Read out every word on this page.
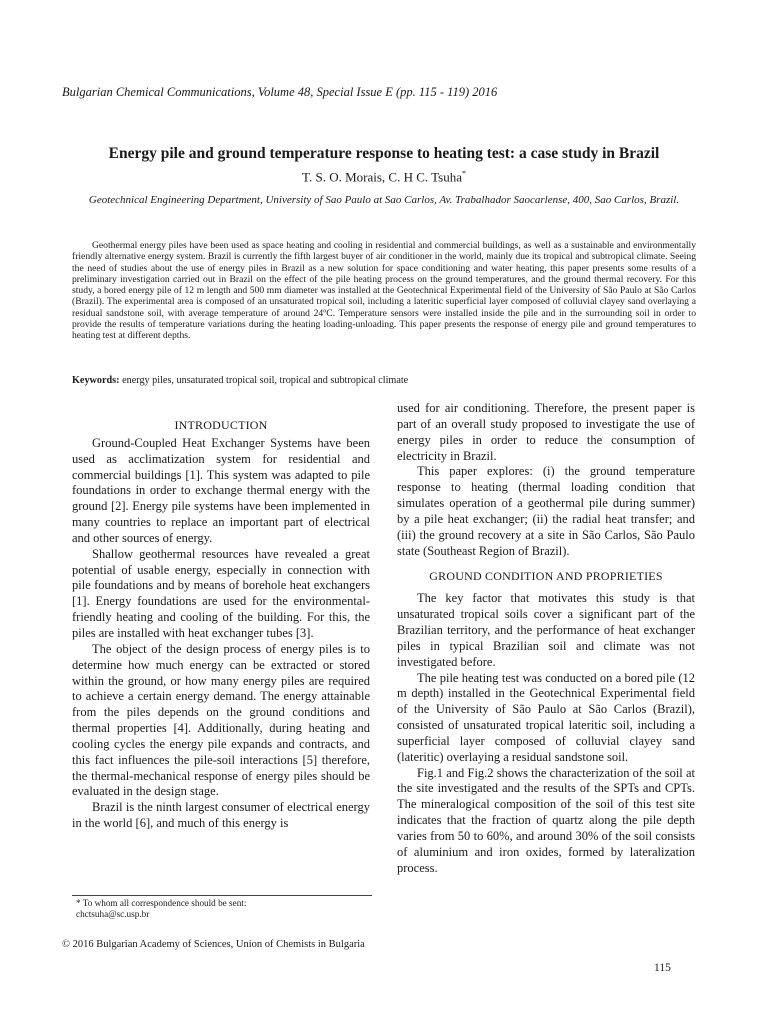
Bulgarian Chemical Communications, Volume 48, Special Issue E (pp. 115 - 119) 2016
Energy pile and ground temperature response to heating test: a case study in Brazil
T. S. O. Morais, C. H C. Tsuha*
Geotechnical Engineering Department, University of Sao Paulo at Sao Carlos, Av. Trabalhador Saocarlense, 400, Sao Carlos, Brazil.

Geothermal energy piles have been used as space heating and cooling in residential and commercial buildings, as well as a sustainable and environmentally friendly alternative energy system. Brazil is currently the fifth largest buyer of air conditioner in the world, mainly due its tropical and subtropical climate. Seeing the need of studies about the use of energy piles in Brazil as a new solution for space conditioning and water heating, this paper presents some results of a preliminary investigation carried out in Brazil on the effect of the pile heating process on the ground temperatures, and the ground thermal recovery. For this study, a bored energy pile of 12 m length and 500 mm diameter was installed at the Geotechnical Experimental field of the University of São Paulo at São Carlos (Brazil). The experimental area is composed of an unsaturated tropical soil, including a lateritic superficial layer composed of colluvial clayey sand overlaying a residual sandstone soil, with average temperature of around 24ºC. Temperature sensors were installed inside the pile and in the surrounding soil in order to provide the results of temperature variations during the heating loading-unloading. This paper presents the response of energy pile and ground temperatures to heating test at different depths.

Keywords: energy piles, unsaturated tropical soil, tropical and subtropical climate

INTRODUCTION

Ground-Coupled Heat Exchanger Systems have been used as acclimatization system for residential and commercial buildings [1]. This system was adapted to pile foundations in order to exchange thermal energy with the ground [2]. Energy pile systems have been implemented in many countries to replace an important part of electrical and other sources of energy.

Shallow geothermal resources have revealed a great potential of usable energy, especially in connection with pile foundations and by means of borehole heat exchangers [1]. Energy foundations are used for the environmental-friendly heating and cooling of the building. For this, the piles are installed with heat exchanger tubes [3].

The object of the design process of energy piles is to determine how much energy can be extracted or stored within the ground, or how many energy piles are required to achieve a certain energy demand. The energy attainable from the piles depends on the ground conditions and thermal properties [4]. Additionally, during heating and cooling cycles the energy pile expands and contracts, and this fact influences the pile-soil interactions [5] therefore, the thermal-mechanical response of energy piles should be evaluated in the design stage.

Brazil is the ninth largest consumer of electrical energy in the world [6], and much of this energy is

used for air conditioning. Therefore, the present paper is part of an overall study proposed to investigate the use of energy piles in order to reduce the consumption of electricity in Brazil.

This paper explores: (i) the ground temperature response to heating (thermal loading condition that simulates operation of a geothermal pile during summer) by a pile heat exchanger; (ii) the radial heat transfer; and (iii) the ground recovery at a site in São Carlos, São Paulo state (Southeast Region of Brazil).

GROUND CONDITION AND PROPRIETIES

The key factor that motivates this study is that unsaturated tropical soils cover a significant part of the Brazilian territory, and the performance of heat exchanger piles in typical Brazilian soil and climate was not investigated before.

The pile heating test was conducted on a bored pile (12 m depth) installed in the Geotechnical Experimental field of the University of São Paulo at São Carlos (Brazil), consisted of unsaturated tropical lateritic soil, including a superficial layer composed of colluvial clayey sand (lateritic) overlaying a residual sandstone soil.

Fig.1 and Fig.2 shows the characterization of the soil at the site investigated and the results of the SPTs and CPTs. The mineralogical composition of the soil of this test site indicates that the fraction of quartz along the pile depth varies from 50 to 60%, and around 30% of the soil consists of aluminium and iron oxides, formed by lateralization process.

* To whom all correspondence should be sent:
chctsuha@sc.usp.br
© 2016 Bulgarian Academy of Sciences, Union of Chemists in Bulgaria
115
